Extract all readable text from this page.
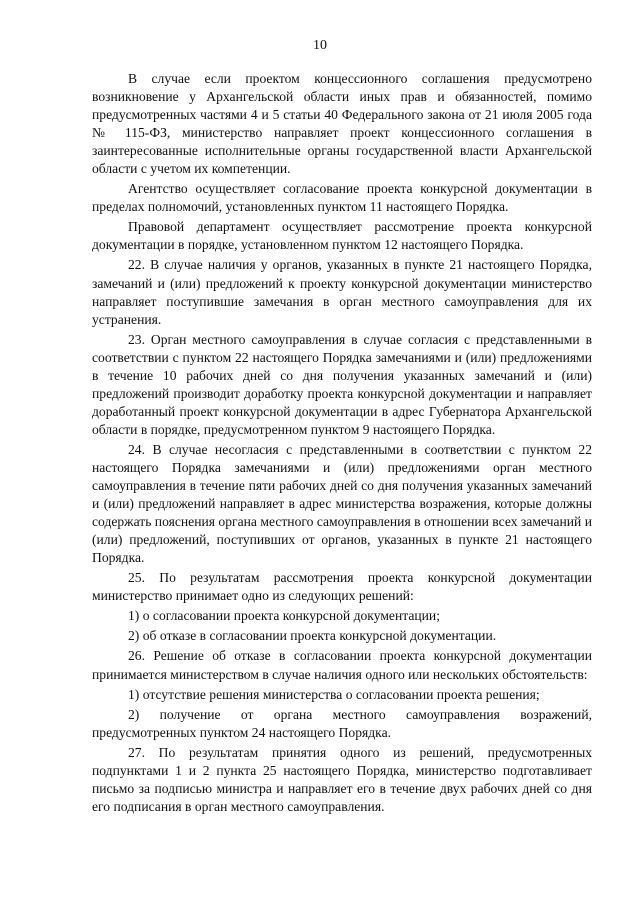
10

В случае если проектом концессионного соглашения предусмотрено возникновение у Архангельской области иных прав и обязанностей, помимо предусмотренных частями 4 и 5 статьи 40 Федерального закона от 21 июля 2005 года № 115-ФЗ, министерство направляет проект концессионного соглашения в заинтересованные исполнительные органы государственной власти Архангельской области с учетом их компетенции.

Агентство осуществляет согласование проекта конкурсной документации в пределах полномочий, установленных пунктом 11 настоящего Порядка.

Правовой департамент осуществляет рассмотрение проекта конкурсной документации в порядке, установленном пунктом 12 настоящего Порядка.

22. В случае наличия у органов, указанных в пункте 21 настоящего Порядка, замечаний и (или) предложений к проекту конкурсной документации министерство направляет поступившие замечания в орган местного самоуправления для их устранения.

23. Орган местного самоуправления в случае согласия с представленными в соответствии с пунктом 22 настоящего Порядка замечаниями и (или) предложениями в течение 10 рабочих дней со дня получения указанных замечаний и (или) предложений производит доработку проекта конкурсной документации и направляет доработанный проект конкурсной документации в адрес Губернатора Архангельской области в порядке, предусмотренном пунктом 9 настоящего Порядка.

24. В случае несогласия с представленными в соответствии с пунктом 22 настоящего Порядка замечаниями и (или) предложениями орган местного самоуправления в течение пяти рабочих дней со дня получения указанных замечаний и (или) предложений направляет в адрес министерства возражения, которые должны содержать пояснения органа местного самоуправления в отношении всех замечаний и (или) предложений, поступивших от органов, указанных в пункте 21 настоящего Порядка.

25. По результатам рассмотрения проекта конкурсной документации министерство принимает одно из следующих решений:

1) о согласовании проекта конкурсной документации;

2) об отказе в согласовании проекта конкурсной документации.

26. Решение об отказе в согласовании проекта конкурсной документации принимается министерством в случае наличия одного или нескольких обстоятельств:

1) отсутствие решения министерства о согласовании проекта решения;

2) получение от органа местного самоуправления возражений, предусмотренных пунктом 24 настоящего Порядка.

27. По результатам принятия одного из решений, предусмотренных подпунктами 1 и 2 пункта 25 настоящего Порядка, министерство подготавливает письмо за подписью министра и направляет его в течение двух рабочих дней со дня его подписания в орган местного самоуправления.
